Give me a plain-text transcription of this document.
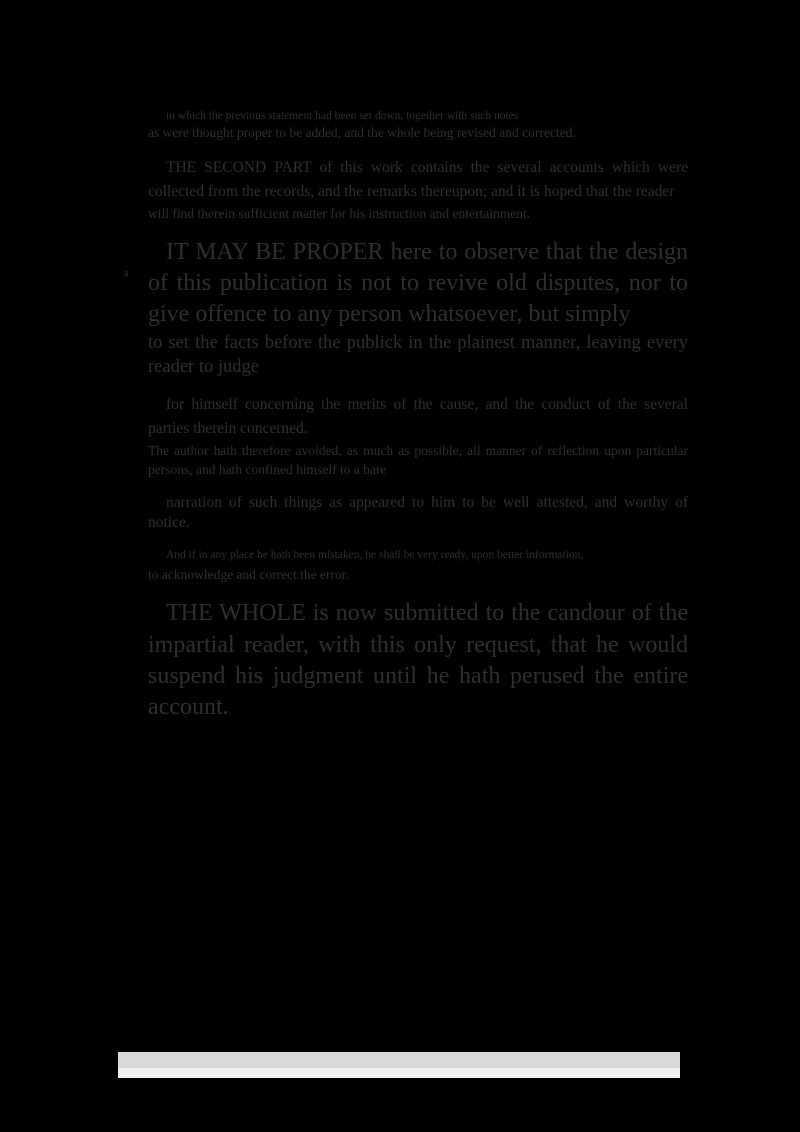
in which the previous statement had been set down, together with such notes
as were thought proper to be added, and the whole being revised and corrected.
THE SECOND PART of this work contains the several accounts which were collected from the records, and the remarks thereupon; and it is hoped that the reader
will find therein sufficient matter for his instruction and entertainment.
IT MAY BE PROPER here to observe that the design of this publication is not to revive old disputes, nor to give offence to any person whatsoever, but simply
to set the facts before the publick in the plainest manner, leaving every reader to judge
for himself concerning the merits of the cause, and the conduct of the several parties therein concerned.
The author hath therefore avoided, as much as possible, all manner of reflection upon particular persons, and hath confined himself to a bare
narration of such things as appeared to him to be well attested, and worthy of notice.
And if in any place he hath been mistaken, he shall be very ready, upon better information,
to acknowledge and correct the error.
THE WHOLE is now submitted to the candour of the impartial reader, with this only request, that he would suspend his judgment until he hath perused the entire account.
a
